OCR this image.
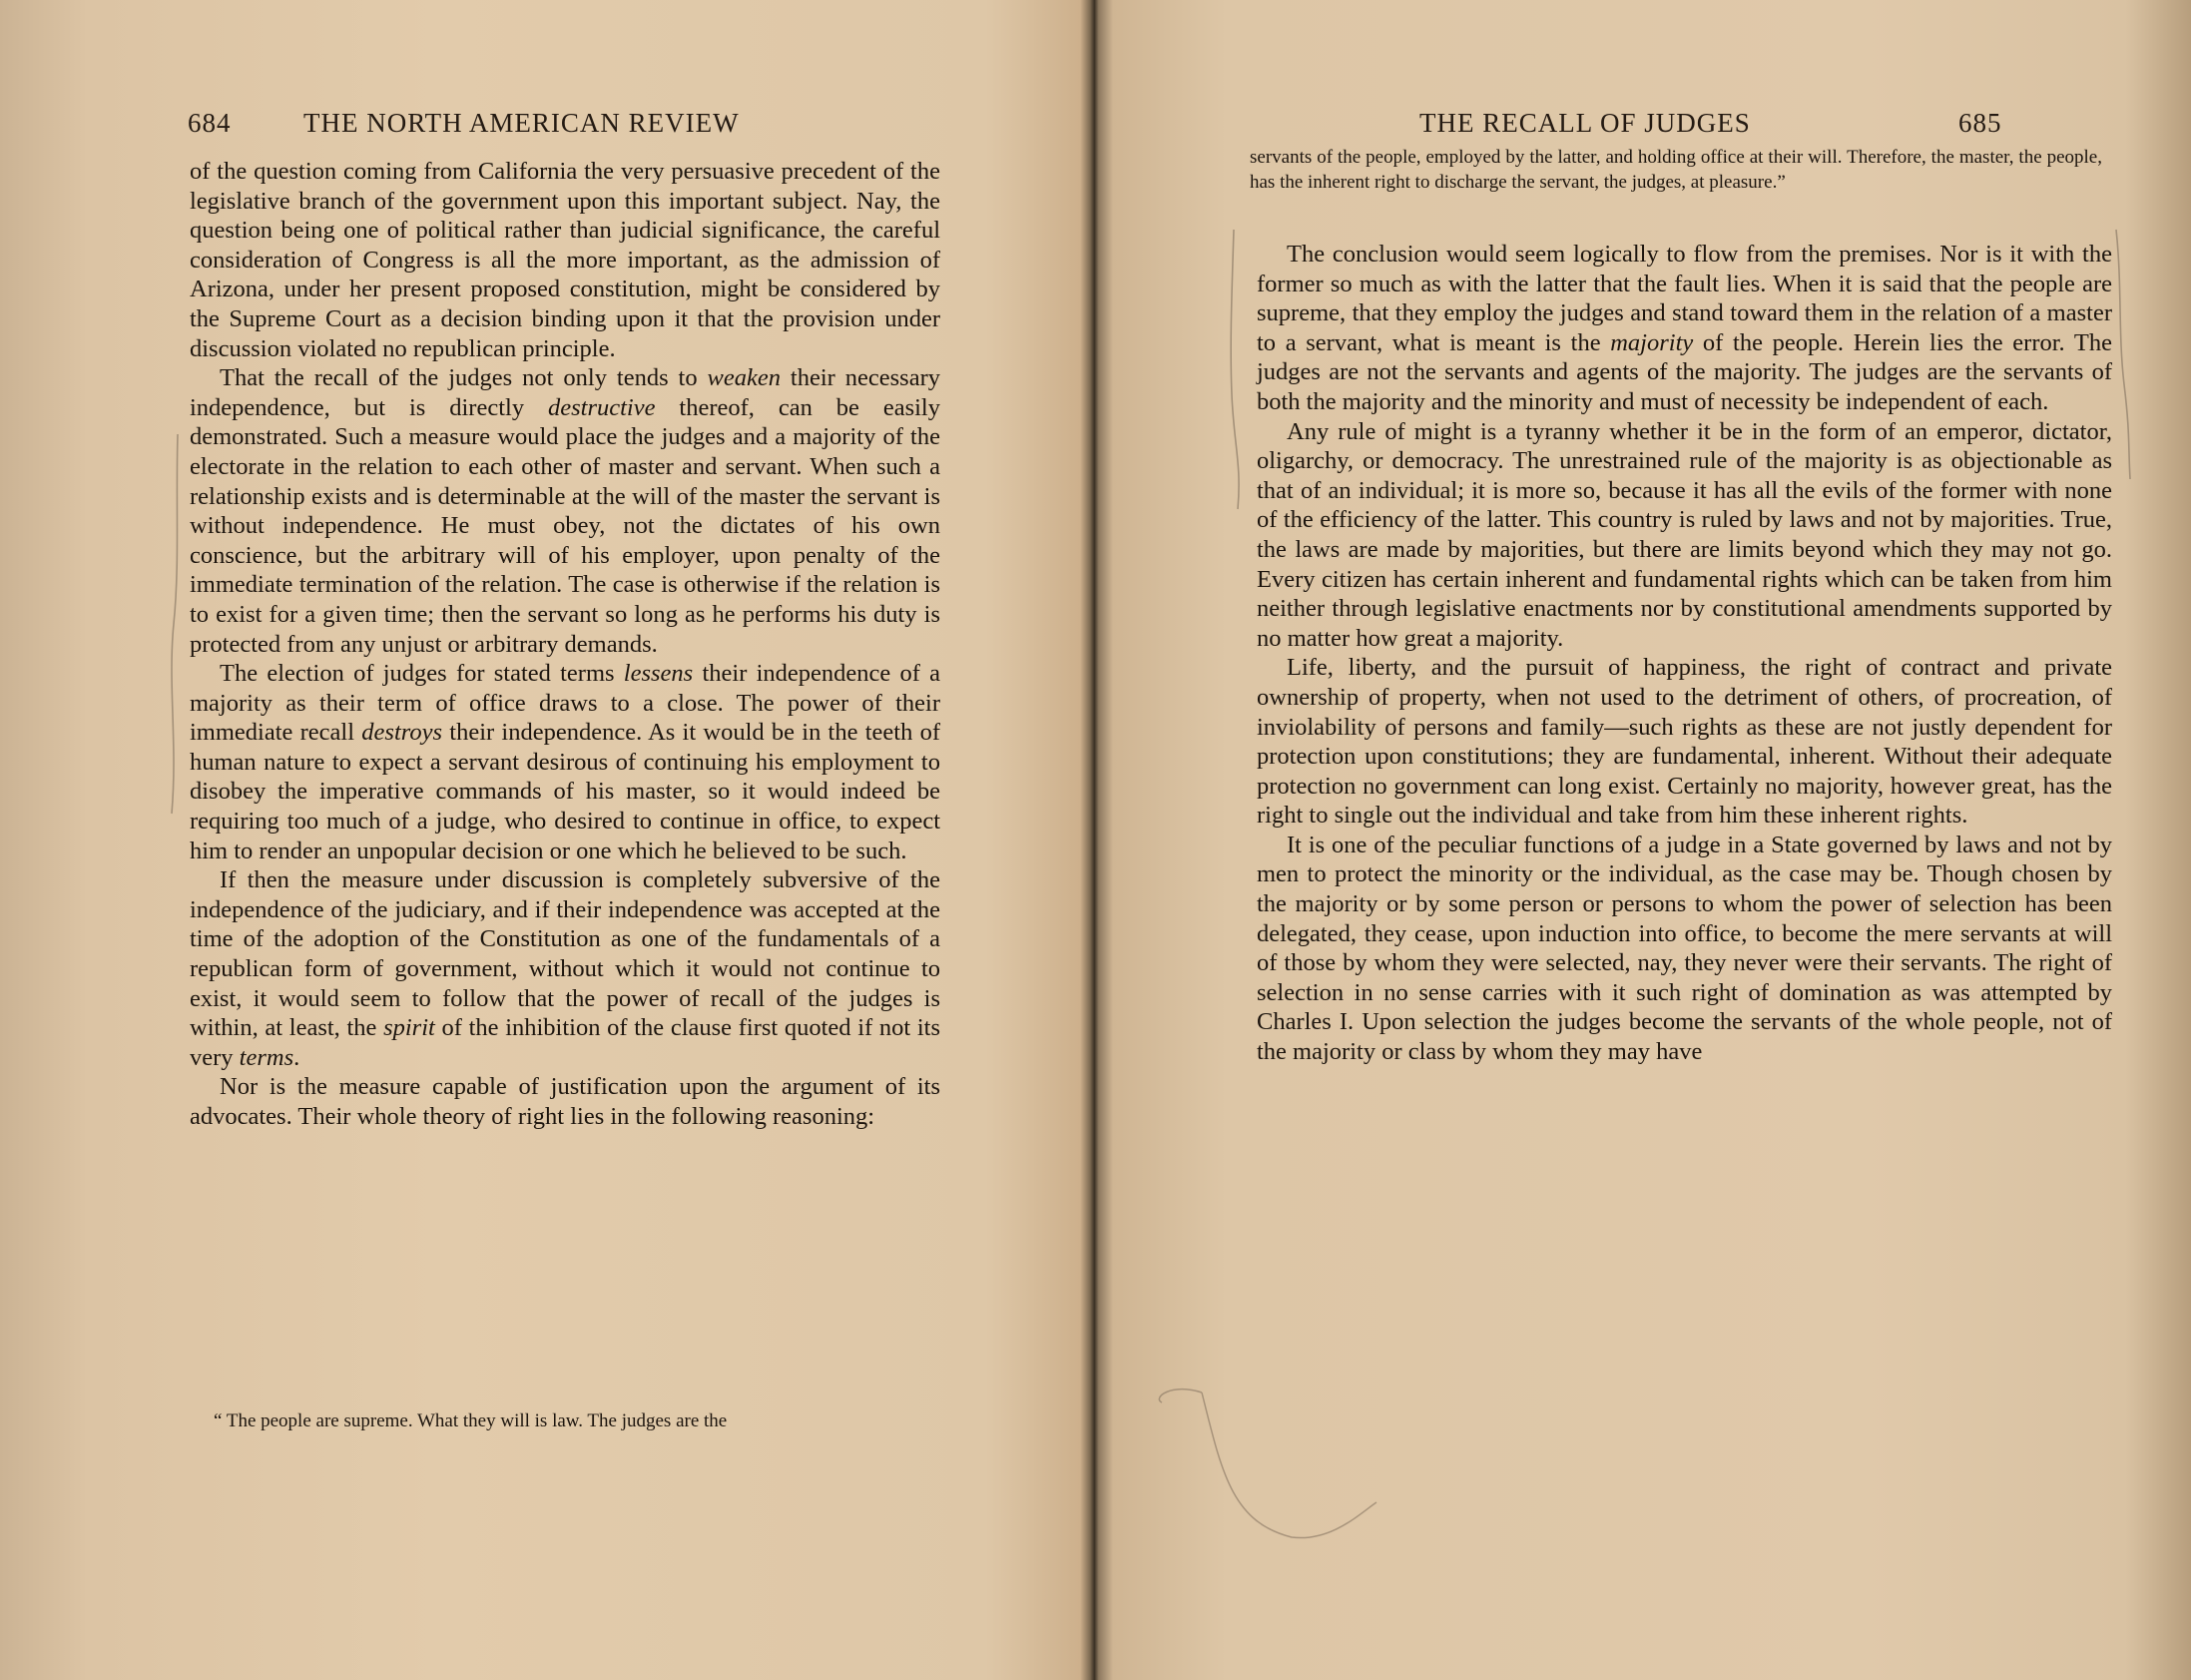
684	THE NORTH AMERICAN REVIEW

of the question coming from California the very persuasive precedent of the legislative branch of the government upon this important subject. Nay, the question being one of political rather than judicial significance, the careful consideration of Congress is all the more important, as the admission of Arizona, under her present proposed constitution, might be considered by the Supreme Court as a decision binding upon it that the provision under discussion violated no republican principle.

That the recall of the judges not only tends to weaken their necessary independence, but is directly destructive thereof, can be easily demonstrated. Such a measure would place the judges and a majority of the electorate in the relation to each other of master and servant. When such a relationship exists and is determinable at the will of the master the servant is without independence. He must obey, not the dictates of his own conscience, but the arbitrary will of his employer, upon penalty of the immediate termination of the relation. The case is otherwise if the relation is to exist for a given time; then the servant so long as he performs his duty is protected from any unjust or arbitrary demands.

The election of judges for stated terms lessens their independence of a majority as their term of office draws to a close. The power of their immediate recall destroys their independence. As it would be in the teeth of human nature to expect a servant desirous of continuing his employment to disobey the imperative commands of his master, so it would indeed be requiring too much of a judge, who desired to continue in office, to expect him to render an unpopular decision or one which he believed to be such.

If then the measure under discussion is completely subversive of the independence of the judiciary, and if their independence was accepted at the time of the adoption of the Constitution as one of the fundamentals of a republican form of government, without which it would not continue to exist, it would seem to follow that the power of recall of the judges is within, at least, the spirit of the inhibition of the clause first quoted if not its very terms.

Nor is the measure capable of justification upon the argument of its advocates. Their whole theory of right lies in the following reasoning:

“ The people are supreme. What they will is law. The judges are the

THE RECALL OF JUDGES	685

servants of the people, employed by the latter, and holding office at their will. Therefore, the master, the people, has the inherent right to discharge the servant, the judges, at pleasure.”

The conclusion would seem logically to flow from the premises. Nor is it with the former so much as with the latter that the fault lies. When it is said that the people are supreme, that they employ the judges and stand toward them in the relation of a master to a servant, what is meant is the majority of the people. Herein lies the error. The judges are not the servants and agents of the majority. The judges are the servants of both the majority and the minority and must of necessity be independent of each.

Any rule of might is a tyranny whether it be in the form of an emperor, dictator, oligarchy, or democracy. The unrestrained rule of the majority is as objectionable as that of an individual; it is more so, because it has all the evils of the former with none of the efficiency of the latter. This country is ruled by laws and not by majorities. True, the laws are made by majorities, but there are limits beyond which they may not go. Every citizen has certain inherent and fundamental rights which can be taken from him neither through legislative enactments nor by constitutional amendments supported by no matter how great a majority.

Life, liberty, and the pursuit of happiness, the right of contract and private ownership of property, when not used to the detriment of others, of procreation, of inviolability of persons and family—such rights as these are not justly dependent for protection upon constitutions; they are fundamental, inherent. Without their adequate protection no government can long exist. Certainly no majority, however great, has the right to single out the individual and take from him these inherent rights.

It is one of the peculiar functions of a judge in a State governed by laws and not by men to protect the minority or the individual, as the case may be. Though chosen by the majority or by some person or persons to whom the power of selection has been delegated, they cease, upon induction into office, to become the mere servants at will of those by whom they were selected, nay, they never were their servants. The right of selection in no sense carries with it such right of domination as was attempted by Charles I. Upon selection the judges become the servants of the whole people, not of the majority or class by whom they may have
